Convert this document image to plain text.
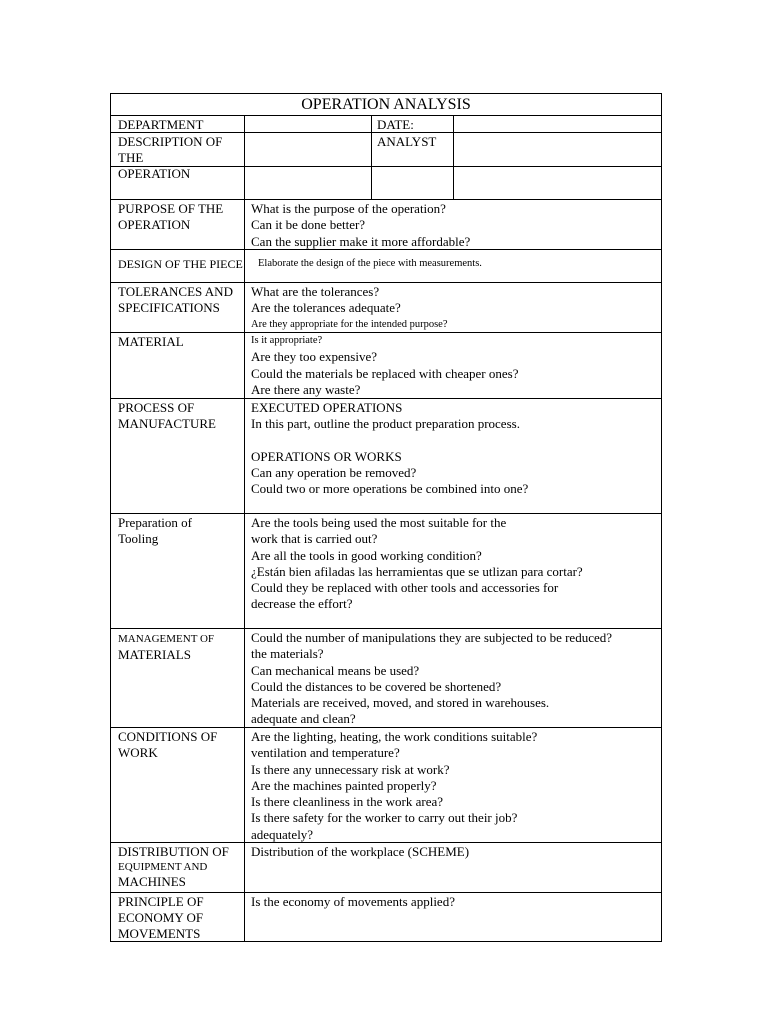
OPERATION ANALYSIS
DEPARTMENT	DATE:
DESCRIPTION OF THE
OPERATION
ANALYST
PURPOSE OF THE
OPERATION
What is the purpose of the operation?
Can it be done better?
Can the supplier make it more affordable?
DESIGN OF THE PIECE Elaborate the design of the piece with measurements.
TOLERANCES AND
SPECIFICATIONS
What are the tolerances?
Are the tolerances adequate?
Are they appropriate for the intended purpose?
MATERIAL	Is it appropriate?
Are they too expensive?
Could the materials be replaced with cheaper ones?
Are there any waste?
PROCESS OF
MANUFACTURE
EXECUTED OPERATIONS
In this part, outline the product preparation process.
OPERATIONS OR WORKS
Can any operation be removed?
Could two or more operations be combined into one?
Preparation of
Tooling
Are the tools being used the most suitable for the
work that is carried out?
Are all the tools in good working condition?
¿Están bien afiladas las herramientas que se utlizan para cortar?
Could they be replaced with other tools and accessories for
decrease the effort?
MANAGEMENT OF
MATERIALS
Could the number of manipulations they are subjected to be reduced?
the materials?
Can mechanical means be used?
Could the distances to be covered be shortened?
Materials are received, moved, and stored in warehouses.
adequate and clean?
CONDITIONS OF
WORK
Are the lighting, heating, the work conditions suitable?
ventilation and temperature?
Is there any unnecessary risk at work?
Are the machines painted properly?
Is there cleanliness in the work area?
Is there safety for the worker to carry out their job?
adequately?
DISTRIBUTION OF
EQUIPMENT AND
MACHINES
Distribution of the workplace (SCHEME)
PRINCIPLE OF
ECONOMY OF
MOVEMENTS
Is the economy of movements applied?
